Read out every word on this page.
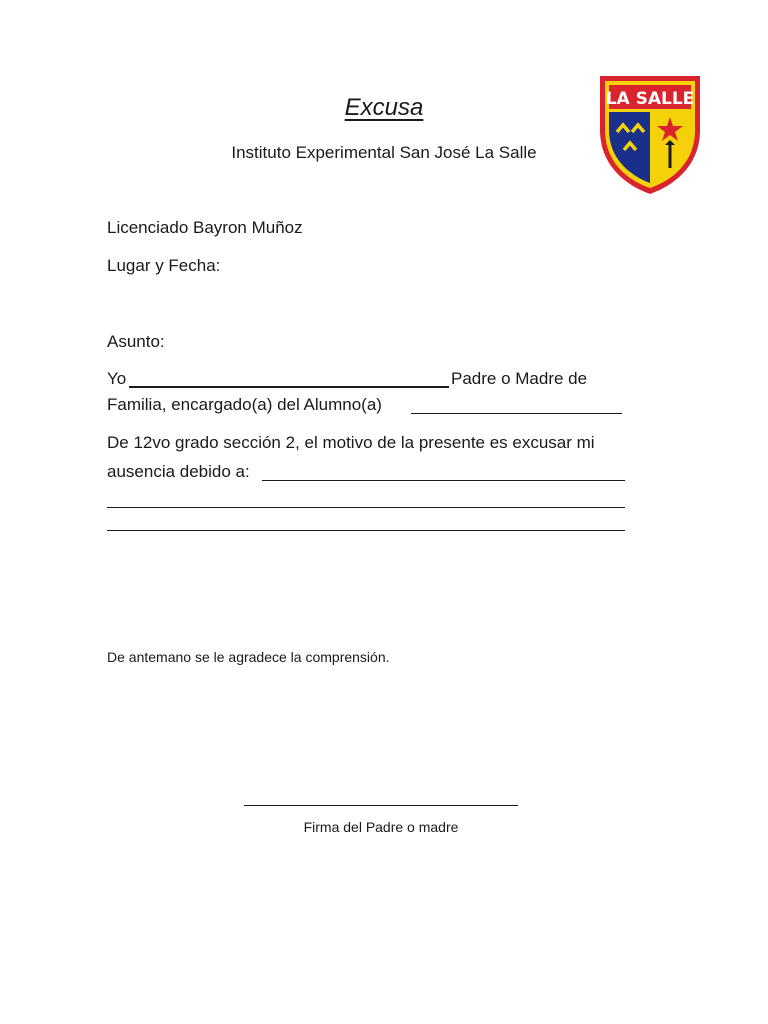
Excusa
Instituto Experimental San José La Salle
LA SALLE
Licenciado Bayron Muñoz
Lugar y Fecha:
Asunto:
Yo	Padre o Madre de
Familia, encargado(a) del Alumno(a)
De 12vo grado sección 2, el motivo de la presente es excusar mi
ausencia debido a:
De antemano se le agradece la comprensión.
Firma del Padre o madre
